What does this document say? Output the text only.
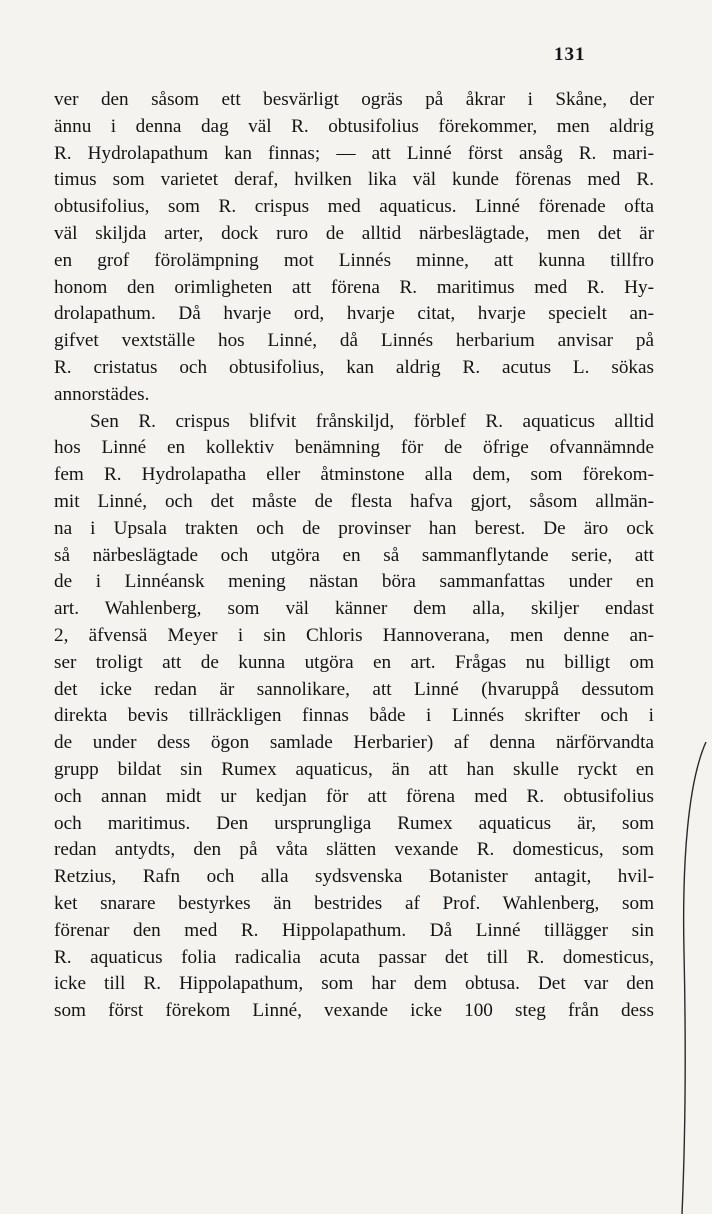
131
ver den såsom ett besvärligt ogräs på åkrar i Skåne, der
ännu i denna dag väl R. obtusifolius förekommer, men aldrig
R. Hydrolapathum kan finnas; — att Linné först ansåg R. mari-
timus som varietet deraf, hvilken lika väl kunde förenas med R.
obtusifolius, som R. crispus med aquaticus. Linné förenade ofta
väl skiljda arter, dock ruro de alltid närbeslägtade, men det är
en grof förolämpning mot Linnés minne, att kunna tillfro
honom den orimligheten att förena R. maritimus med R. Hy-
drolapathum. Då hvarje ord, hvarje citat, hvarje specielt an-
gifvet vextställe hos Linné, då Linnés herbarium anvisar på
R. cristatus och obtusifolius, kan aldrig R. acutus L. sökas
annorstädes.
Sen R. crispus blifvit frånskiljd, förblef R. aquaticus alltid
hos Linné en kollektiv benämning för de öfrige ofvannämnde
fem R. Hydrolapatha eller åtminstone alla dem, som förekom-
mit Linné, och det måste de flesta hafva gjort, såsom allmän-
na i Upsala trakten och de provinser han berest. De äro ock
så närbeslägtade och utgöra en så sammanflytande serie, att
de i Linnéansk mening nästan böra sammanfattas under en
art. Wahlenberg, som väl känner dem alla, skiljer endast
2, äfvensä Meyer i sin Chloris Hannoverana, men denne an-
ser troligt att de kunna utgöra en art. Frågas nu billigt om
det icke redan är sannolikare, att Linné (hvaruppå dessutom
direkta bevis tillräckligen finnas både i Linnés skrifter och i
de under dess ögon samlade Herbarier) af denna närförvandta
grupp bildat sin Rumex aquaticus, än att han skulle ryckt en
och annan midt ur kedjan för att förena med R. obtusifolius
och maritimus. Den ursprungliga Rumex aquaticus är, som
redan antydts, den på våta slätten vexande R. domesticus, som
Retzius, Rafn och alla sydsvenska Botanister antagit, hvil-
ket snarare bestyrkes än bestrides af Prof. Wahlenberg, som
förenar den med R. Hippolapathum. Då Linné tillägger sin
R. aquaticus folia radicalia acuta passar det till R. domesticus,
icke till R. Hippolapathum, som har dem obtusa. Det var den
som först förekom Linné, vexande icke 100 steg från dess
